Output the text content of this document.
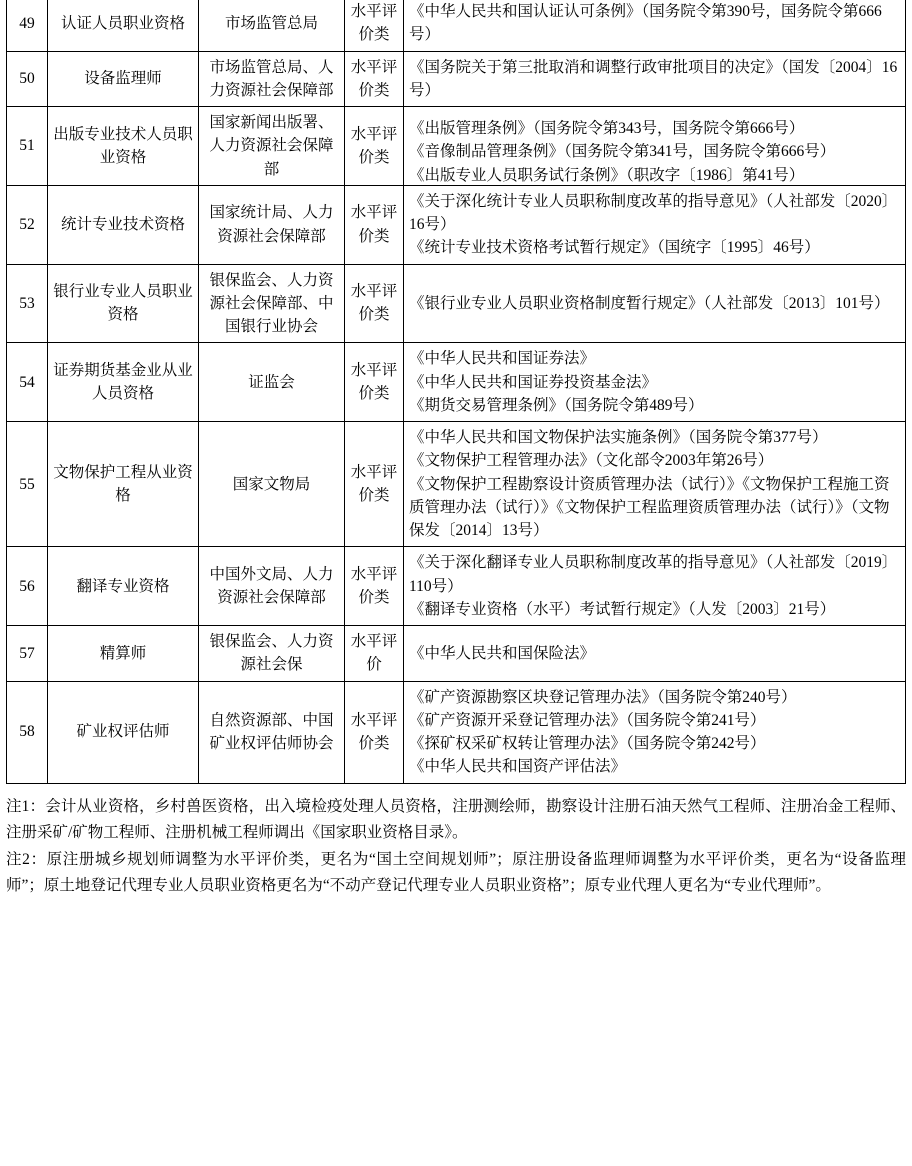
49	认证人员职业资格	市场监管总局	水平评价类	《中华人民共和国认证认可条例》（国务院令第390号，国务院令第666号）

50	设备监理师	市场监管总局、人力资源社会保障部	水平评价类	《国务院关于第三批取消和调整行政审批项目的决定》（国发〔2004〕16号）

51	出版专业技术人员职业资格	国家新闻出版署、人力资源社会保障部	水平评价类	《出版管理条例》（国务院令第343号，国务院令第666号）
《音像制品管理条例》（国务院令第341号，国务院令第666号）
《出版专业人员职务试行条例》（职改字〔1986〕第41号）

52	统计专业技术资格	国家统计局、人力资源社会保障部	水平评价类	《关于深化统计专业人员职称制度改革的指导意见》（人社部发〔2020〕16号）
《统计专业技术资格考试暂行规定》（国统字〔1995〕46号）

53	银行业专业人员职业资格	银保监会、人力资源社会保障部、中国银行业协会	水平评价类	《银行业专业人员职业资格制度暂行规定》（人社部发〔2013〕101号）

54	证券期货基金业从业人员资格	证监会	水平评价类	《中华人民共和国证券法》
《中华人民共和国证券投资基金法》
《期货交易管理条例》（国务院令第489号）

55	文物保护工程从业资格	国家文物局	水平评价类	《中华人民共和国文物保护法实施条例》（国务院令第377号）
《文物保护工程管理办法》（文化部令2003年第26号）
《文物保护工程勘察设计资质管理办法（试行）》《文物保护工程施工资质管理办法（试行）》《文物保护工程监理资质管理办法（试行）》（文物保发〔2014〕13号）

56	翻译专业资格	中国外文局、人力资源社会保障部	水平评价类	《关于深化翻译专业人员职称制度改革的指导意见》（人社部发〔2019〕110号）
《翻译专业资格（水平）考试暂行规定》（人发〔2003〕21号）

57	精算师	银保监会、人力资源社会保	水平评价	《中华人民共和国保险法》

58	矿业权评估师	自然资源部、中国矿业权评估师协会	水平评价类	《矿产资源勘察区块登记管理办法》（国务院令第240号）
《矿产资源开采登记管理办法》（国务院令第241号）
《探矿权采矿权转让管理办法》（国务院令第242号）
《中华人民共和国资产评估法》

注1：会计从业资格，乡村兽医资格，出入境检疫处理人员资格，注册测绘师，勘察设计注册石油天然气工程师、注册冶金工程师、注册采矿/矿物工程师、注册机械工程师调出《国家职业资格目录》。

注2：原注册城乡规划师调整为水平评价类，更名为“国土空间规划师”；原注册设备监理师调整为水平评价类，更名为“设备监理师”；原土地登记代理专业人员职业资格更名为“不动产登记代理专业人员职业资格”；原专业代理人更名为“专业代理师”。
